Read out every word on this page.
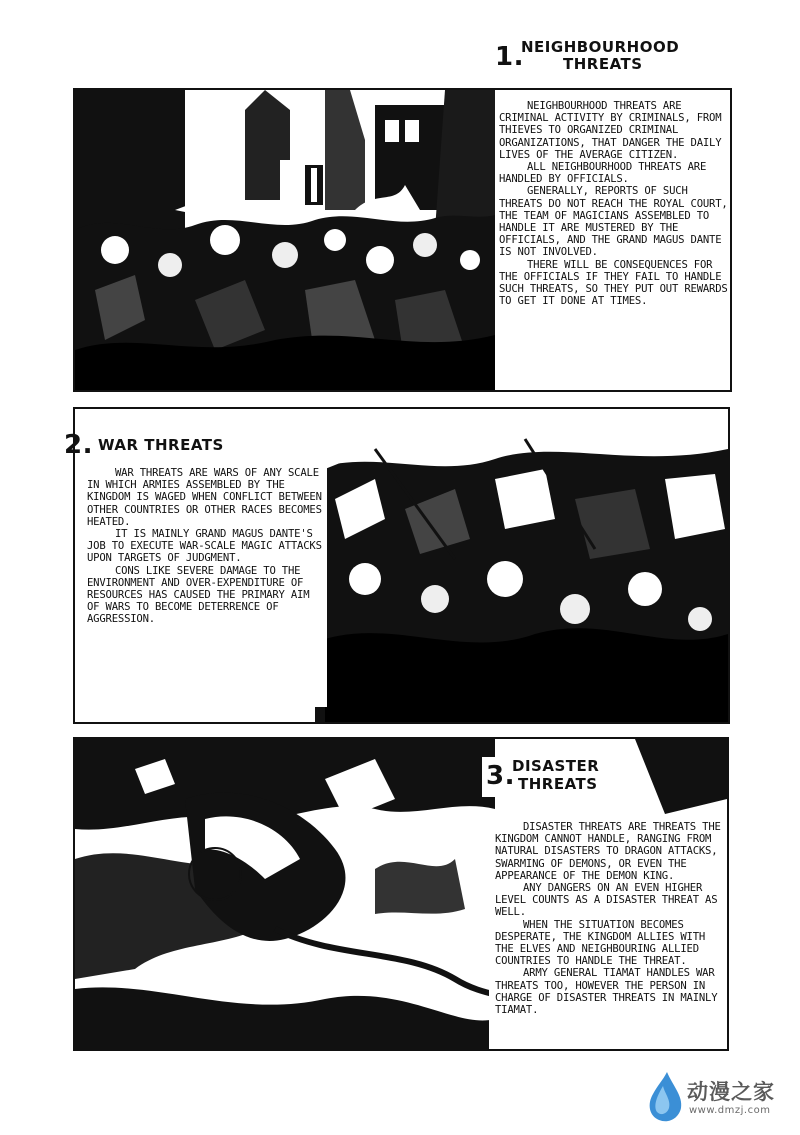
1.
NEIGHBOURHOOD
THREATS

NEIGHBOURHOOD THREATS ARE CRIMINAL ACTIVITY BY CRIMINALS, FROM THIEVES TO ORGANIZED CRIMINAL ORGANIZATIONS, THAT DANGER THE DAILY LIVES OF THE AVERAGE CITIZEN.

ALL NEIGHBOURHOOD THREATS ARE HANDLED BY OFFICIALS.

GENERALLY, REPORTS OF SUCH THREATS DO NOT REACH THE ROYAL COURT, THE TEAM OF MAGICIANS ASSEMBLED TO HANDLE IT ARE MUSTERED BY THE OFFICIALS, AND THE GRAND MAGUS DANTE IS NOT INVOLVED.

THERE WILL BE CONSEQUENCES FOR THE OFFICIALS IF THEY FAIL TO HANDLE SUCH THREATS, SO THEY PUT OUT REWARDS TO GET IT DONE AT TIMES.

WAR THREATS ARE WARS OF ANY SCALE IN WHICH ARMIES ASSEMBLED BY THE KINGDOM IS WAGED WHEN CONFLICT BETWEEN OTHER COUNTRIES OR OTHER RACES BECOMES HEATED.

IT IS MAINLY GRAND MAGUS DANTE'S JOB TO EXECUTE WAR-SCALE MAGIC ATTACKS UPON TARGETS OF JUDGMENT.

CONS LIKE SEVERE DAMAGE TO THE ENVIRONMENT AND OVER-EXPENDITURE OF RESOURCES HAS CAUSED THE PRIMARY AIM OF WARS TO BECOME DETERRENCE OF AGGRESSION.

2. WAR THREATS

DISASTER THREATS ARE THREATS THE KINGDOM CANNOT HANDLE, RANGING FROM NATURAL DISASTERS TO DRAGON ATTACKS, SWARMING OF DEMONS, OR EVEN THE APPEARANCE OF THE DEMON KING.

ANY DANGERS ON AN EVEN HIGHER LEVEL COUNTS AS A DISASTER THREAT AS WELL.

WHEN THE SITUATION BECOMES DESPERATE, THE KINGDOM ALLIES WITH THE ELVES AND NEIGHBOURING ALLIED COUNTRIES TO HANDLE THE THREAT.

ARMY GENERAL TIAMAT HANDLES WAR THREATS TOO, HOWEVER THE PERSON IN CHARGE OF DISASTER THREATS IN MAINLY TIAMAT.

3.
DISASTER
THREATS
动漫之家
www.dmzj.com
